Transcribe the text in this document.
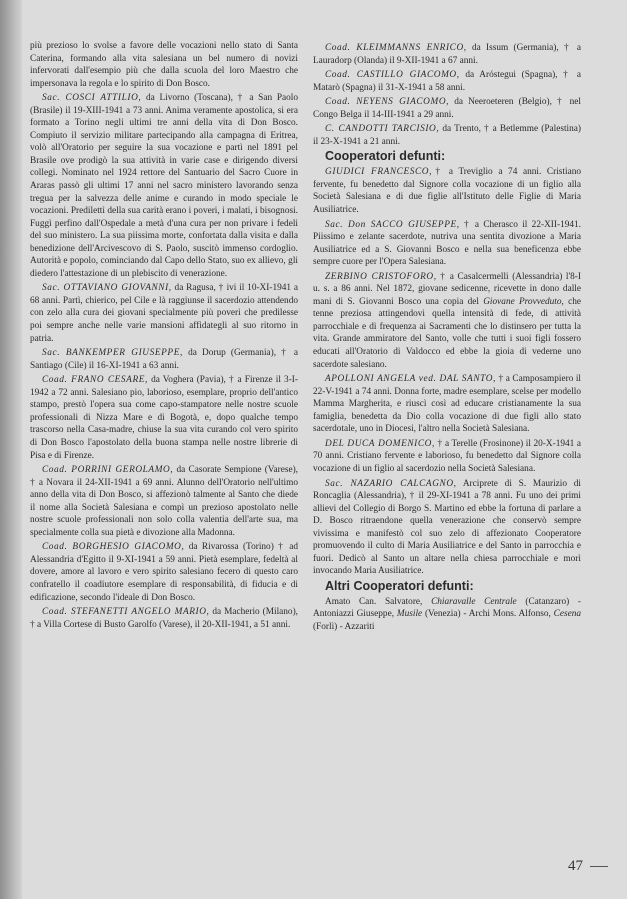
più prezioso lo svolse a favore delle vocazioni nello stato di Santa Caterina, formando alla vita salesiana un bel numero di novizi infervorati dall'esempio più che dalla scuola del loro Maestro che impersonava la regola e lo spirito di Don Bosco.

Sac. COSCI ATTILIO, da Livorno (Toscana), † a San Paolo (Brasile) il 19-XIII-1941 a 73 anni. Anima veramente apostolica, si era formato a Torino negli ultimi tre anni della vita di Don Bosco. Compiuto il servizio militare partecipando alla campagna di Eritrea, volò all'Oratorio per seguire la sua vocazione e partì nel 1891 pel Brasile ove prodigò la sua attività in varie case e dirigendo diversi collegi. Nominato nel 1924 rettore del Santuario del Sacro Cuore in Araras passò gli ultimi 17 anni nel sacro ministero lavorando senza tregua per la salvezza delle anime e curando in modo speciale le vocazioni. Predilettì della sua carità erano i poveri, i malati, i bisognosi. Fuggì perfino dall'Ospedale a metà d'una cura per non privare i fedeli del suo ministero. La sua piissima morte, confortata dalla visita e dalla benedizione dell'Arcivescovo di S. Paolo, suscitò immenso cordoglio. Autorità e popolo, cominciando dal Capo dello Stato, suo ex allievo, gli diedero l'attestazione di un plebiscito di venerazione.

Sac. OTTAVIANO GIOVANNI, da Ragusa, † ivi il 10-XI-1941 a 68 anni. Partì, chierico, pel Cile e là raggiunse il sacerdozio attendendo con zelo alla cura dei giovani specialmente più poveri che predilesse poi sempre anche nelle varie mansioni affidategli al suo ritorno in patria.

Sac. BANKEMPER GIUSEPPE, da Dorup (Germania), † a Santiago (Cile) il 16-XI-1941 a 63 anni.

Coad. FRANO CESARE, da Voghera (Pavia), † a Firenze il 3-I-1942 a 72 anni. Salesiano pio, laborioso, esemplare, proprio dell'antico stampo, prestò l'opera sua come capo-stampatore nelle nostre scuole professionali di Nizza Mare e di Bogotà, e, dopo qualche tempo trascorso nella Casa-madre, chiuse la sua vita curando col vero spirito di Don Bosco l'apostolato della buona stampa nelle nostre librerie di Pisa e di Firenze.

Coad. PORRINI GEROLAMO, da Casorate Sempione (Varese), † a Novara il 24-XII-1941 a 69 anni. Alunno dell'Oratorio nell'ultimo anno della vita di Don Bosco, si affezionò talmente al Santo che diede il nome alla Società Salesiana e compì un prezioso apostolato nelle nostre scuole professionali non solo colla valentia dell'arte sua, ma specialmente colla sua pietà e divozione alla Madonna.

Coad. BORGHESIO GIACOMO, da Rivarossa (Torino) † ad Alessandria d'Egitto il 9-XI-1941 a 59 anni. Pietà esemplare, fedeltà al dovere, amore al lavoro e vero spirito salesiano fecero di questo caro confratello il coadiutore esemplare di responsabilità, di fiducia e di edificazione, secondo l'ideale di Don Bosco.

Coad. STEFANETTI ANGELO MARIO, da Macherio (Milano), † a Villa Cortese di Busto Garolfo (Varese), il 20-XII-1941, a 51 anni.

Coad. KLEIMMANNS ENRICO, da Issum (Germania), † a Lauradorp (Olanda) il 9-XII-1941 a 67 anni.

Coad. CASTILLO GIACOMO, da Aróstegui (Spagna), † a Matarò (Spagna) il 31-X-1941 a 58 anni.

Coad. NEYENS GIACOMO, da Neeroeteren (Belgio), † nel Congo Belga il 14-III-1941 a 29 anni.

C. CANDOTTI TARCISIO, da Trento, † a Betlemme (Palestina) il 23-X-1941 a 21 anni.

Cooperatori defunti:

GIUDICI FRANCESCO,† a Treviglio a 74 anni. Cristiano fervente, fu benedetto dal Signore colla vocazione di un figlio alla Società Salesiana e di due figlie all'Istituto delle Figlie di Maria Ausiliatrice.

Sac. Don SACCO GIUSEPPE, † a Cherasco il 22-XII-1941. Piissimo e zelante sacerdote, nutriva una sentita divozione a Maria Ausiliatrice ed a S. Giovanni Bosco e nella sua beneficenza ebbe sempre cuore per l'Opera Salesiana.

ZERBINO CRISTOFORO, † a Casalcermelli (Alessandria) l'8-I u. s. a 86 anni. Nel 1872, giovane sedicenne, ricevette in dono dalle mani di S. Giovanni Bosco una copia del Giovane Provveduto, che tenne preziosa attingendovi quella intensità di fede, di attività parrocchiale e di frequenza ai Sacramenti che lo distinsero per tutta la vita. Grande ammiratore del Santo, volle che tutti i suoi figli fossero educati all'Oratorio di Valdocco ed ebbe la gioia di vederne uno sacerdote salesiano.

APOLLONI ANGELA ved. DAL SANTO, † a Camposampiero il 22-V-1941 a 74 anni. Donna forte, madre esemplare, scelse per modello Mamma Margherita, e riuscì così ad educare cristianamente la sua famiglia, benedetta da Dio colla vocazione di due figli allo stato sacerdotale, uno in Diocesi, l'altro nella Società Salesiana.

DEL DUCA DOMENICO, † a Terelle (Frosinone) il 20-X-1941 a 70 anni. Cristiano fervente e laborioso, fu benedetto dal Signore colla vocazione di un figlio al sacerdozio nella Società Salesiana.

Sac. NAZARIO CALCAGNO, Arciprete di S. Maurizio di Roncaglia (Alessandria), † il 29-XI-1941 a 78 anni. Fu uno dei primi allievi del Collegio di Borgo S. Martino ed ebbe la fortuna di parlare a D. Bosco ritraendone quella venerazione che conservò sempre vivissima e manifestò col suo zelo di affezionato Cooperatore promuovendo il culto di Maria Ausiliatrice e del Santo in parrocchia e fuori. Dedicò al Santo un altare nella chiesa parrocchiale e morì invocando Maria Ausiliatrice.

Altri Cooperatori defunti:

Amato Can. Salvatore, Chiaravalle Centrale (Catanzaro) - Antoniazzi Giuseppe, Musile (Venezia) - Archi Mons. Alfonso, Cesena (Forlì) - Azzariti

47
